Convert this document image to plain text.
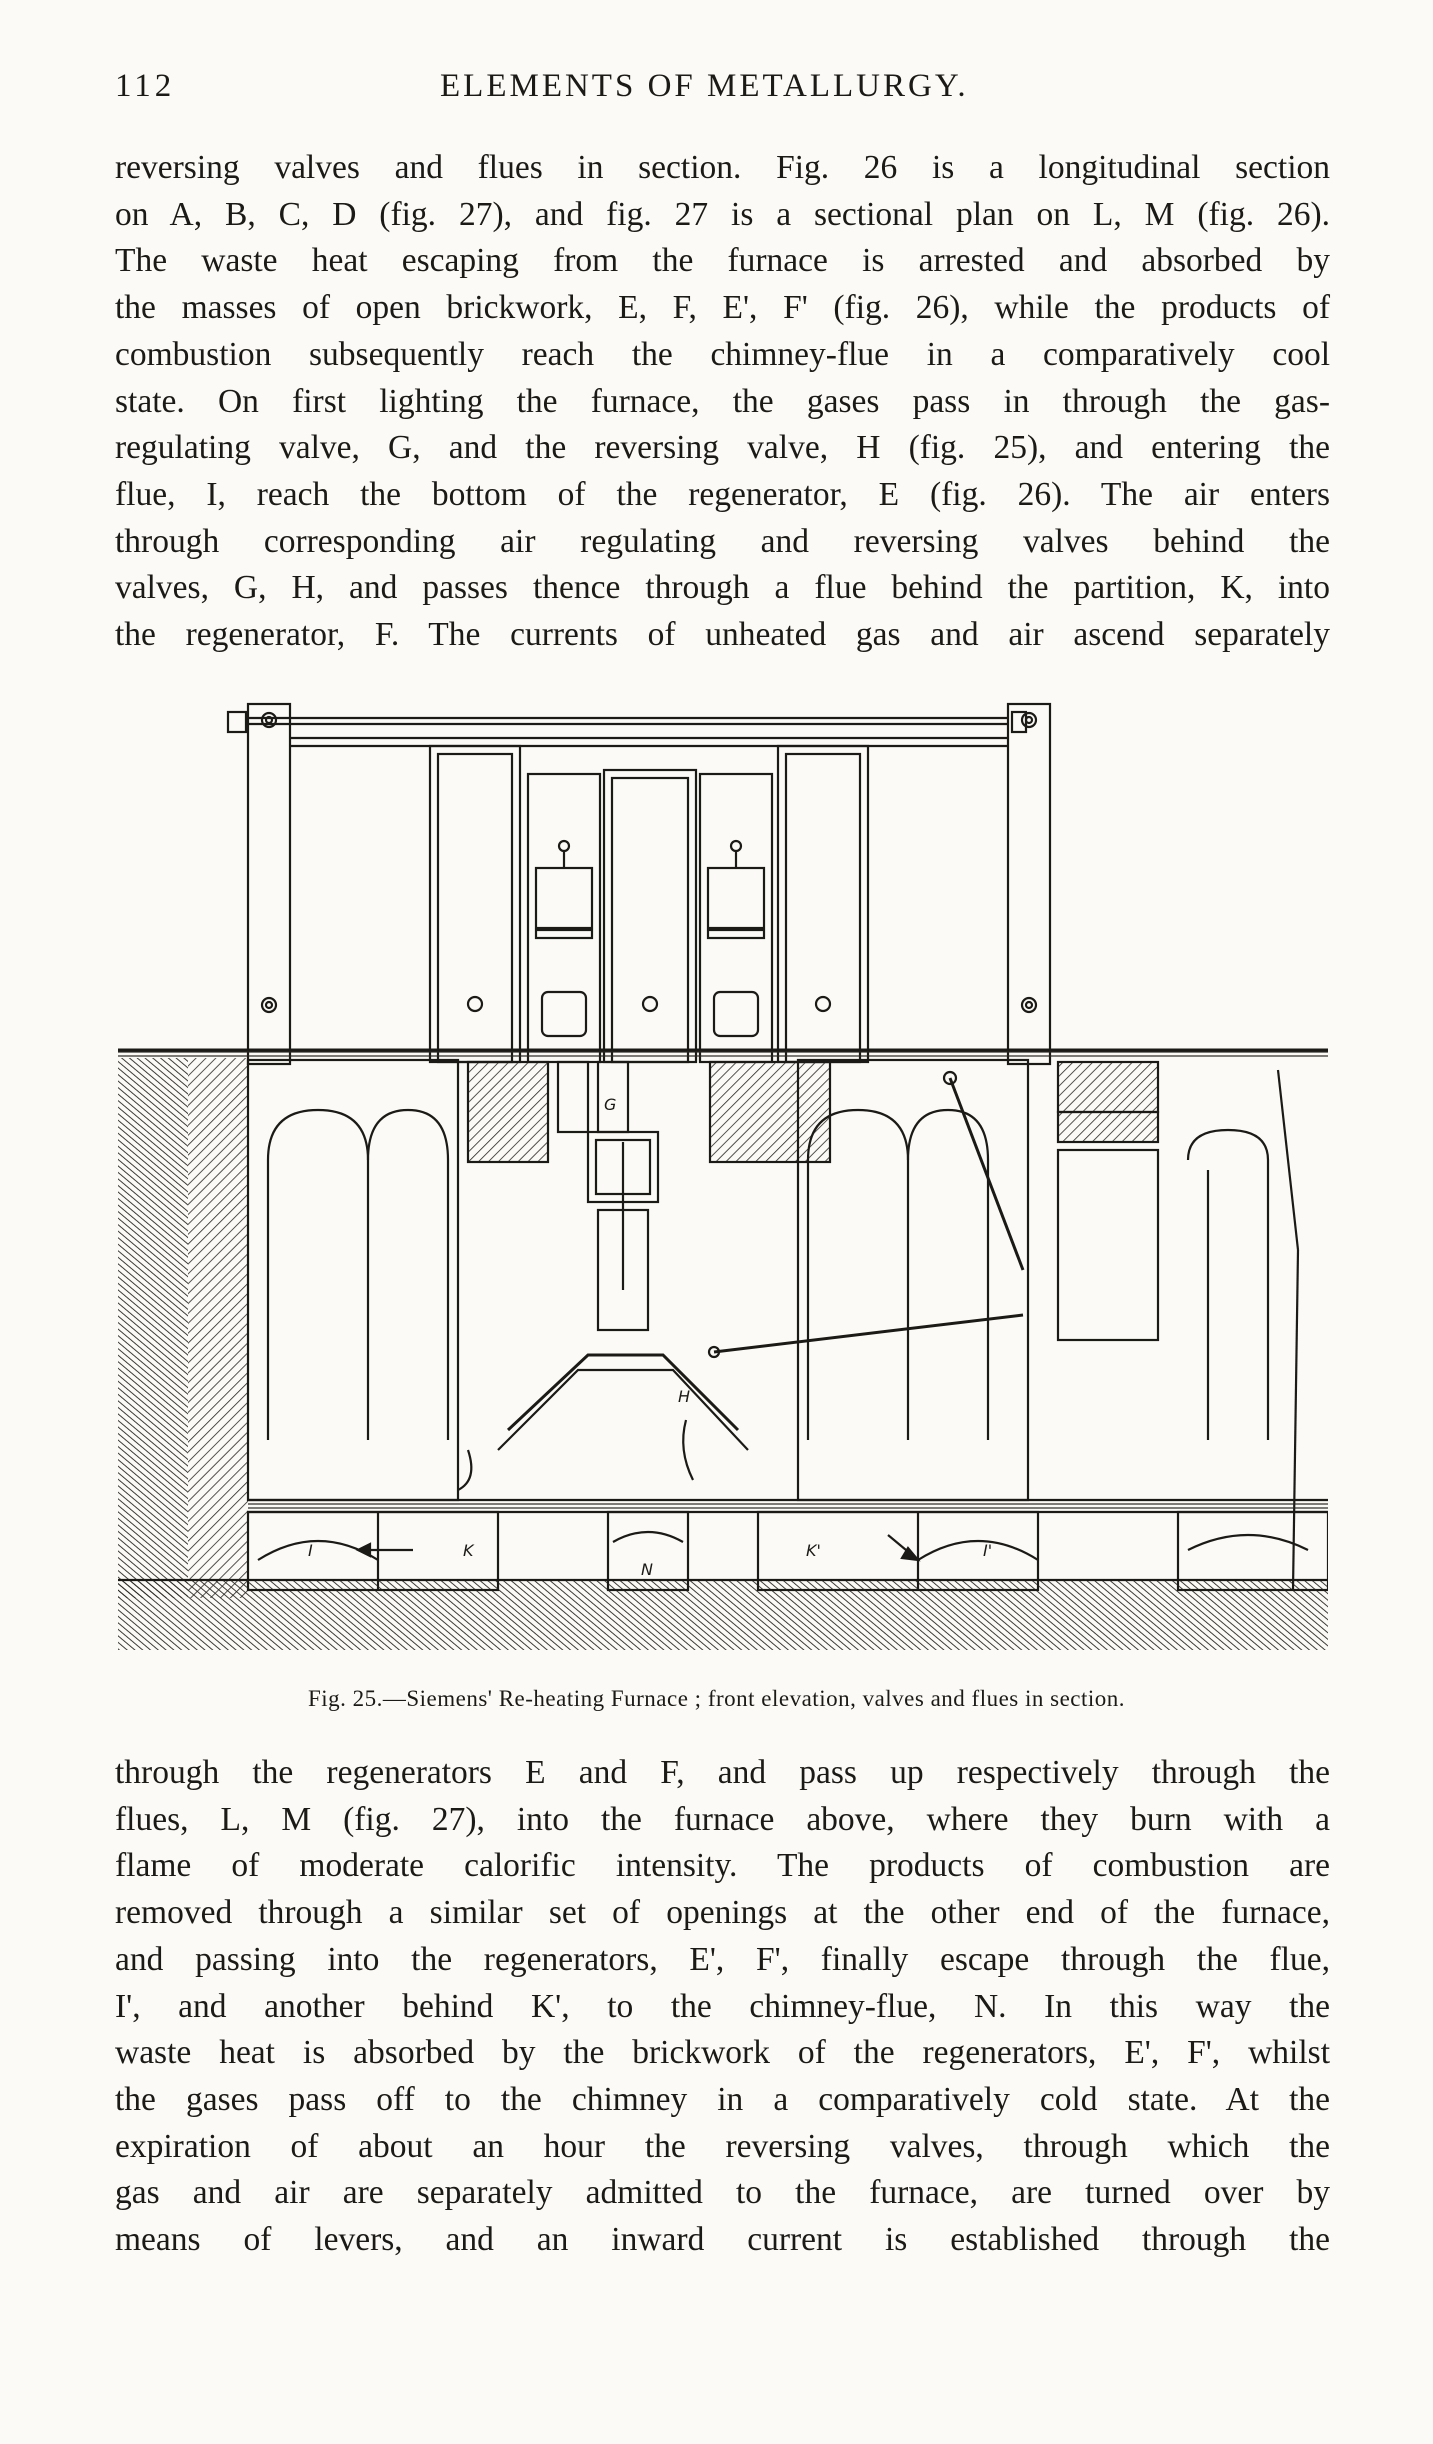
112	ELEMENTS OF METALLURGY.
reversing valves and flues in section. Fig. 26 is a longitudinal section
on A, B, C, D (fig. 27), and fig. 27 is a sectional plan on L, M (fig. 26).
The waste heat escaping from the furnace is arrested and absorbed by
the masses of open brickwork, E, F, E', F' (fig. 26), while the products of
combustion subsequently reach the chimney-flue in a comparatively cool
state. On first lighting the furnace, the gases pass in through the gas-
regulating valve, G, and the reversing valve, H (fig. 25), and entering the
flue, I, reach the bottom of the regenerator, E (fig. 26). The air enters
through corresponding air regulating and reversing valves behind the
valves, G, H, and passes thence through a flue behind the partition, K, into
the regenerator, F. The currents of unheated gas and air ascend separately
G
H
I	K
N
K'	I'
Fig. 25.—Siemens' Re-heating Furnace ; front elevation, valves and flues in section.
through the regenerators E and F, and pass up respectively through the
flues, L, M (fig. 27), into the furnace above, where they burn with a
flame of moderate calorific intensity. The products of combustion are
removed through a similar set of openings at the other end of the furnace,
and passing into the regenerators, E', F', finally escape through the flue,
I', and another behind K', to the chimney-flue, N. In this way the
waste heat is absorbed by the brickwork of the regenerators, E', F', whilst
the gases pass off to the chimney in a comparatively cold state. At the
expiration of about an hour the reversing valves, through which the
gas and air are separately admitted to the furnace, are turned over by
means of levers, and an inward current is established through the
